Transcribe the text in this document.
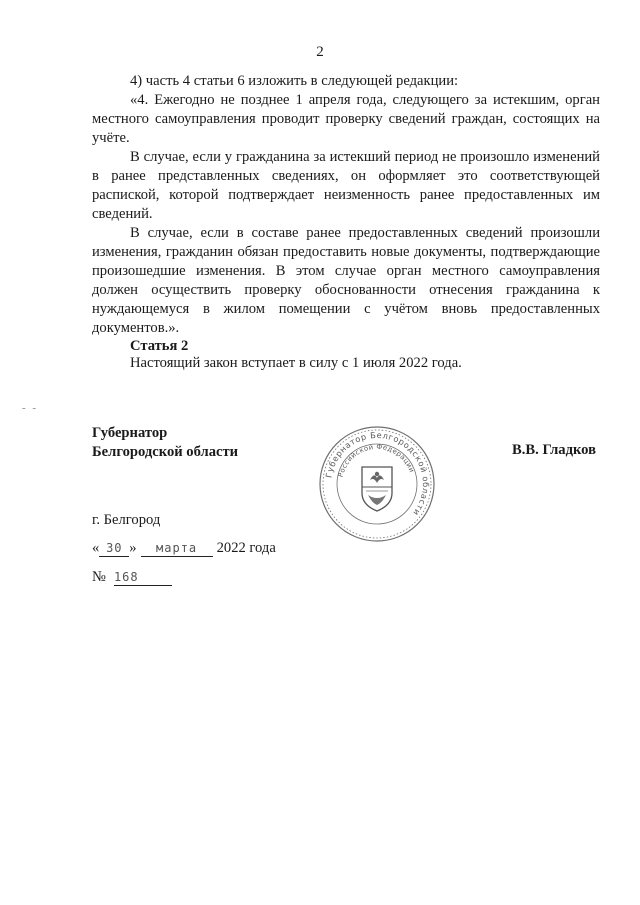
2

4) часть 4 статьи 6 изложить в следующей редакции:

«4. Ежегодно не позднее 1 апреля года, следующего за истекшим, орган местного самоуправления проводит проверку сведений граждан, состоящих на учёте.

В случае, если у гражданина за истекший период не произошло изменений в ранее представленных сведениях, он оформляет это соответствующей распиской, которой подтверждает неизменность ранее предоставленных им сведений.

В случае, если в составе ранее предоставленных сведений произошли изменения, гражданин обязан предоставить новые документы, подтверждающие произошедшие изменения. В этом случае орган местного самоуправления должен осуществить проверку обоснованности отнесения гражданина к нуждающемуся в жилом помещении с учётом вновь предоставленных документов.».

Статья 2
Настоящий закон вступает в силу с 1 июля 2022 года.
- -
Губернатор
Белгородской области
Губернатор Белгородской области
Российской Федерации
В.В. Гладков
г. Белгород
« 30 » марта 2022 года
№ 168
